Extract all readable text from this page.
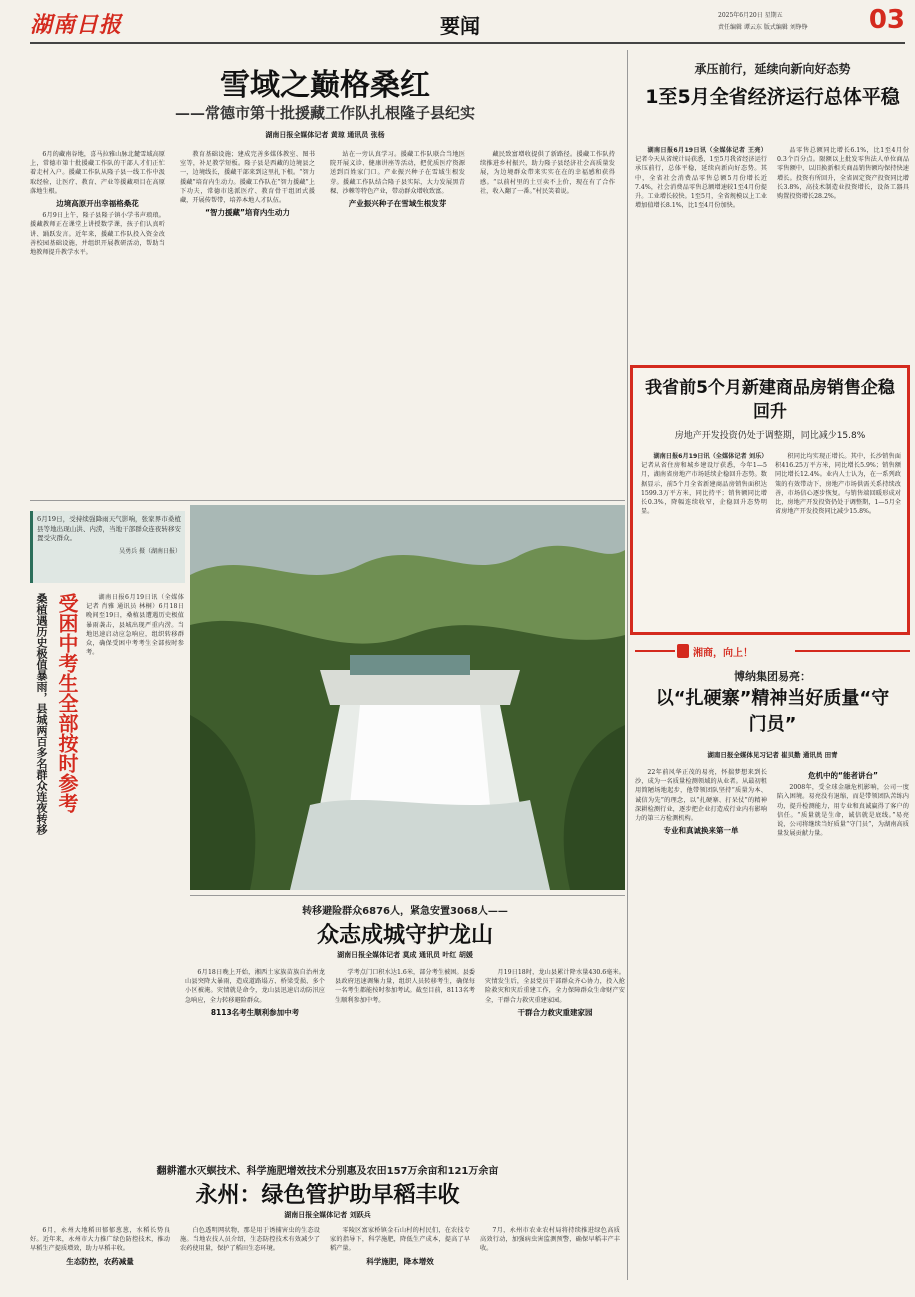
湖南日报	要闻	2025年6月20日 星期五
责任编辑 谭云东 版式编辑 刘铮铮	03
雪域之巅格桑红
——常德市第十批援藏工作队扎根隆子县纪实
湖南日报全媒体记者 黄琼 通讯员 张杨

6月的藏南谷地，喜马拉雅山脉北麓雪域高原上，常德市第十批援藏工作队的干部人才们正忙着走村入户。援藏工作队从隆子县一线工作中汲取经验，让医疗、教育、产业等援藏项目在高原落地生根。

边境高原开出幸福格桑花

6月9日上午，隆子县隆子镇小学书声琅琅。援藏教师正在课堂上讲授数学课，孩子们认真听讲、踊跃发言。近年来，援藏工作队投入资金改善校园基础设施，并组织开展教研活动，帮助当地教师提升教学水平。

教育基础设施；建成完善多媒体教室、图书室等，补足教学短板。隆子县是西藏的边境县之一，边境线长，援藏干部来到这里扎下根。“智力援藏”培育内生动力。援藏工作队在“智力援藏”上下功夫，常德市选派医疗、教育骨干组团式援藏，开展传帮带，培养本地人才队伍。

“智力援藏”培育内生动力

站在一旁认真学习。援藏工作队联合当地医院开展义诊、健康讲座等活动，把优质医疗资源送到百姓家门口。产业振兴种子在雪域生根发芽。援藏工作队结合隆子县实际，大力发展黑青稞、沙棘等特色产业，带动群众增收致富。

产业振兴种子在雪域生根发芽

藏民致富增收提供了新路径。援藏工作队持续推进乡村振兴，助力隆子县经济社会高质量发展，为边境群众带来实实在在的幸福感和获得感。“以前村里的土豆卖不上价，现在有了合作社，收入翻了一番。”村民笑着说。

承压前行，延续向新向好态势
1至5月全省经济运行总体平稳

湖南日报6月19日讯（全媒体记者 王亮）记者今天从省统计局获悉，1至5月我省经济运行承压前行，总体平稳，延续向新向好态势。其中，全省社会消费品零售总额5月份增长近7.4%，社会消费品零售总额增速较1至4月份提升。工业增长较快。1至5月，全省规模以上工业增加值增长8.1%，比1至4月份加快。

品零售总额同比增长6.1%，比1至4月份0.3个百分点。限额以上批发零售法人单位商品零售额中，以旧换新相关商品销售额均保持快速增长。投资有所回升，全省固定资产投资同比增长3.8%，高技术制造业投资增长，设备工器具购置投资增长28.2%。

我省前5个月新建商品房销售企稳回升
房地产开发投资仍处于调整期，同比减少15.8%

湖南日报6月19日讯（全媒体记者 刘乐）记者从省住房和城乡建设厅获悉，今年1—5月，湖南省房地产市场延续企稳回升态势。数据显示，前5个月全省新建商品房销售面积达1599.3万平方米，同比持平；销售额同比增长0.3%，降幅连续收窄，企稳回升态势明显。

积同比均实现正增长。其中，长沙销售面积416.25万平方米，同比增长5.9%；销售额同比增长12.4%。业内人士认为，在一系列政策的有效带动下，房地产市场供需关系持续改善，市场信心逐步恢复。与销售端回暖形成对比，房地产开发投资仍处于调整期，1—5月全省房地产开发投资同比减少15.8%。

湘商，向上！
博纳集团易亮：
以“扎硬寨”精神当好质量“守门员”
湖南日报全媒体见习记者 崔贝勤 通讯员 田青

22年前风华正茂的易亮，怀揣梦想来到长沙，成为一名质量检测领域的从业者。从最初租用简陋场地起步，他带领团队坚持“质量为本、诚信为先”的理念，以“扎硬寨、打呆仗”的精神深耕检测行业，逐步把企业打造成行业内有影响力的第三方检测机构。

专业和真诚换来第一单
危机中的“能者讲台”

2008年，受全球金融危机影响，公司一度陷入困境。易亮没有退缩，而是带领团队苦练内功，提升检测能力，用专业和真诚赢得了客户的信任。“质量就是生命，诚信就是底线。”易亮说，公司将继续当好质量“守门员”，为湖南高质量发展贡献力量。

6月19日，受持续强降雨天气影响，张家界市桑植县等地出现山洪、内涝，当地干部群众连夜转移安置受灾群众。
吴勇兵 摄（湖南日报）
桑植遇历史极值暴雨，县城两百多名群众连夜转移 受困中考生全部按时参考	湖南日报6月19日讯（全媒体记者 肖雅 通讯员 林桐）6月18日晚间至19日，桑植县遭遇历史极值暴雨袭击，县城出现严重内涝。当地迅速启动应急响应，组织转移群众，确保受困中考考生全部按时参考。

转移避险群众6876人，紧急安置3068人——
众志成城守护龙山
湖南日报全媒体记者 莫成 通讯员 叶红 胡媛

6月18日晚上开始，湘西土家族苗族自治州龙山县突降大暴雨，造成道路塌方、桥梁受损、多个小区被淹。灾情就是命令，龙山县迅速启动防汛应急响应，全力转移避险群众。

8113名考生顺利参加中考

学考点门口积水达1.6米，部分考生被困。县委县政府迅速调集力量，组织人员转移考生，确保每一名考生都能按时参加考试。截至目前，8113名考生顺利参加中考。

月19日18时，龙山县累计降水量430.6毫米。灾情发生后，全县党员干部群众齐心协力，投入抢险救灾和灾后重建工作，全力保障群众生命财产安全，干群合力救灾重建家园。

干群合力救灾重建家园
翻耕灌水灭螟技术、科学施肥增效技术分别惠及农田157万余亩和121万余亩
永州：绿色管护助早稻丰收
湖南日报全媒体记者 刘跃兵

6月，永州大地稻田郁郁葱葱，水稻长势良好。近年来，永州市大力推广绿色防控技术，推动早稻生产提质增效，助力早稻丰收。

生态防控，农药减量

白色透明网状物，那是用于诱捕害虫的生态设施。当地农技人员介绍，生态防控技术有效减少了农药使用量，保护了稻田生态环境。

零陵区富家桥镇金石山村的村民们，在农技专家的指导下，科学施肥，降低生产成本，提高了早稻产量。

科学施肥，降本增效

7月，永州市农业农村局将持续推进绿色高质高效行动，加强病虫害监测预警，确保早稻丰产丰收。
